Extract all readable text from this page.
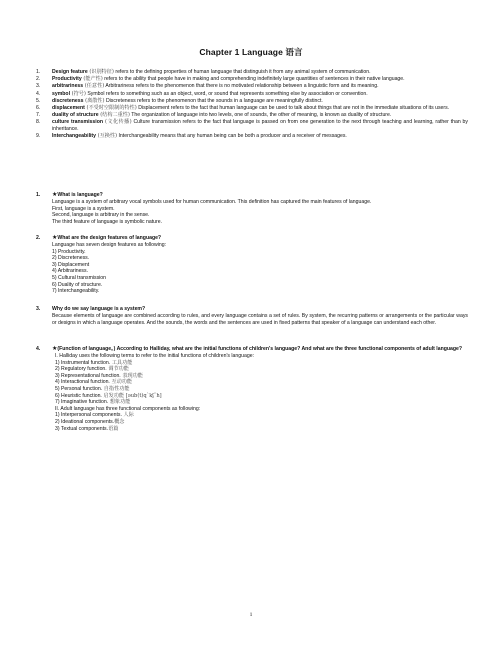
Chapter 1 Language 语言
1. Design feature (识别特征) refers to the defining properties of human language that distinguish it from any animal system of communication.
2. Productivity (能产性) refers to the ability that people have in making and comprehending indefinitely large quantities of sentences in their native language.
3. arbitrariness (任意性) Arbitrariness refers to the phenomenon that there is no motivated relationship between a linguistic form and its meaning.
4. symbol (符号) Symbol refers to something such as an object, word, or sound that represents something else by association or convention.
5. discreteness (离散性) Discreteness refers to the phenomenon that the sounds in a language are meaningfully distinct.
6. displacement (不受时空限制的特性) Displacement refers to the fact that human language can be used to talk about things that are not in the immediate situations of its users.
7. duality of structure (结构二重性) The organization of language into two levels, one of sounds, the other of meaning, is known as duality of structure.
8. culture transmission (文化传播) Culture transmission refers to the fact that language is passed on from one generation to the next through teaching and learning, rather than by inheritance.
9. Interchangeability (互换性) Interchangeability means that any human being can be both a producer and a receiver of messages.
1. ★What is language?
Language is a system of arbitrary vocal symbols used for human communication. This definition has captured the main features of language.
First, language is a system.
Second, language is arbitrary in the sense.
The third feature of language is symbolic nature.
2. ★What are the design features of language?
Language has seven design features as following:
1) Productivity.
2) Discreteness.
3) Displacement
4) Arbitrariness.
5) Cultural transmission
6) Duality of structure.
7) Interchangeability.
3. Why do we say language is a system?
Because elements of language are combined according to rules, and every language contains a set of rules. By system, the recurring patterns or arrangements or the particular ways or designs in which a language operates. And the sounds, the words and the sentences are used in fixed patterns that speaker of a language can understand each other.
4. ★(Function of language。) According to Halliday, what are the initial functions of children's language? And what are the three functional components of adult language?
I. Halliday uses the following terms to refer to the initial functions of children's language:
1) Instrumental function. 工具功能
2) Regulatory function. 调节功能
3) Representational function. 表现功能
4) Interactional function. 互动功能
5) Personal function. 自指性功能
6) Heuristic function. 启发功能 [əub(t)q`kʃˆh]
7) Imaginative function. 想象功能
II. Adult language has three functional components as following:
1) Interpersonal components. 人际
2) Ideational components.概念
3) Textual components.语篇
1
